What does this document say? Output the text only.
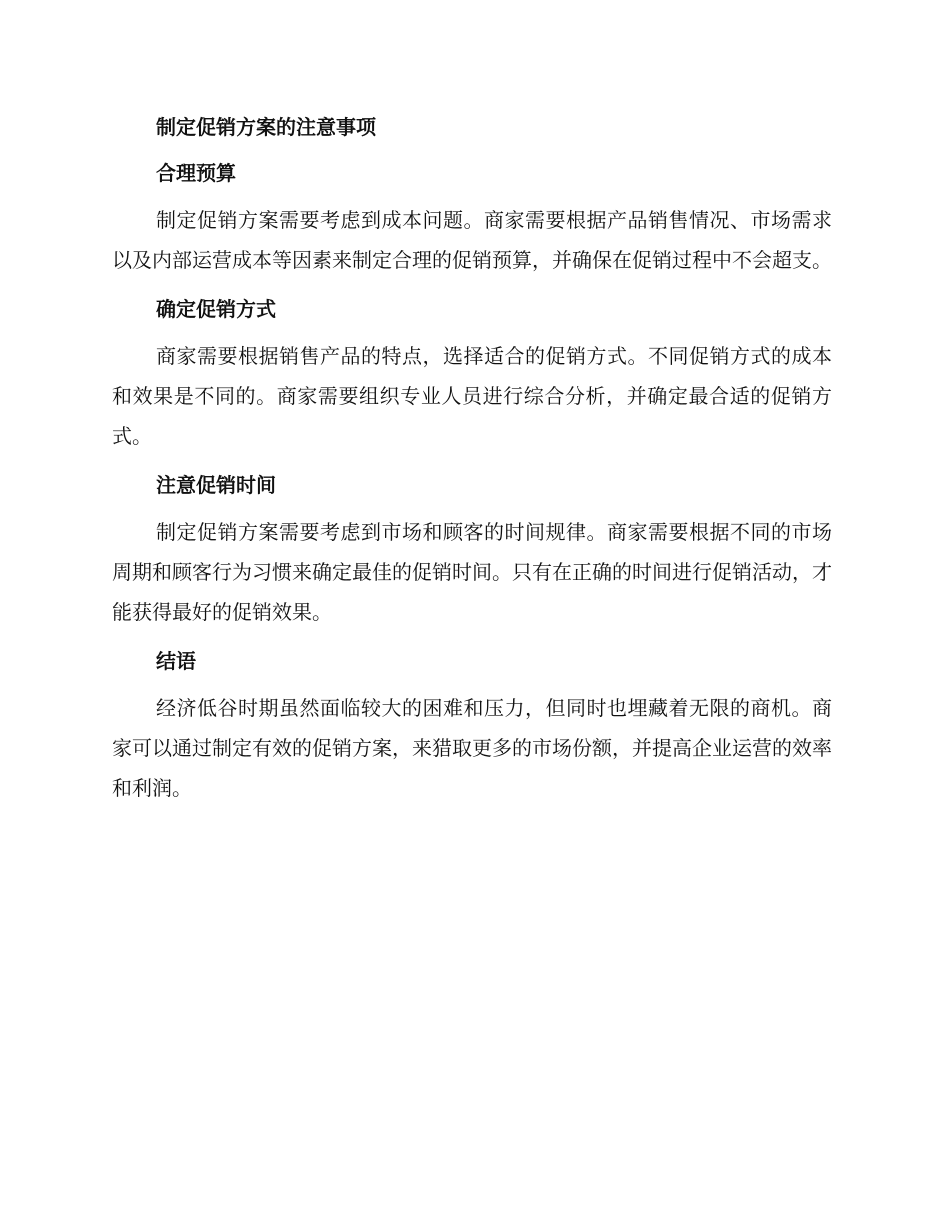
制定促销方案的注意事项
合理预算

制定促销方案需要考虑到成本问题。商家需要根据产品销售情况、市场需求以及内部运营成本等因素来制定合理的促销预算，并确保在促销过程中不会超支。

确定促销方式

商家需要根据销售产品的特点，选择适合的促销方式。不同促销方式的成本和效果是不同的。商家需要组织专业人员进行综合分析，并确定最合适的促销方式。

注意促销时间

制定促销方案需要考虑到市场和顾客的时间规律。商家需要根据不同的市场周期和顾客行为习惯来确定最佳的促销时间。只有在正确的时间进行促销活动，才能获得最好的促销效果。

结语

经济低谷时期虽然面临较大的困难和压力，但同时也埋藏着无限的商机。商家可以通过制定有效的促销方案，来猎取更多的市场份额，并提高企业运营的效率和利润。
